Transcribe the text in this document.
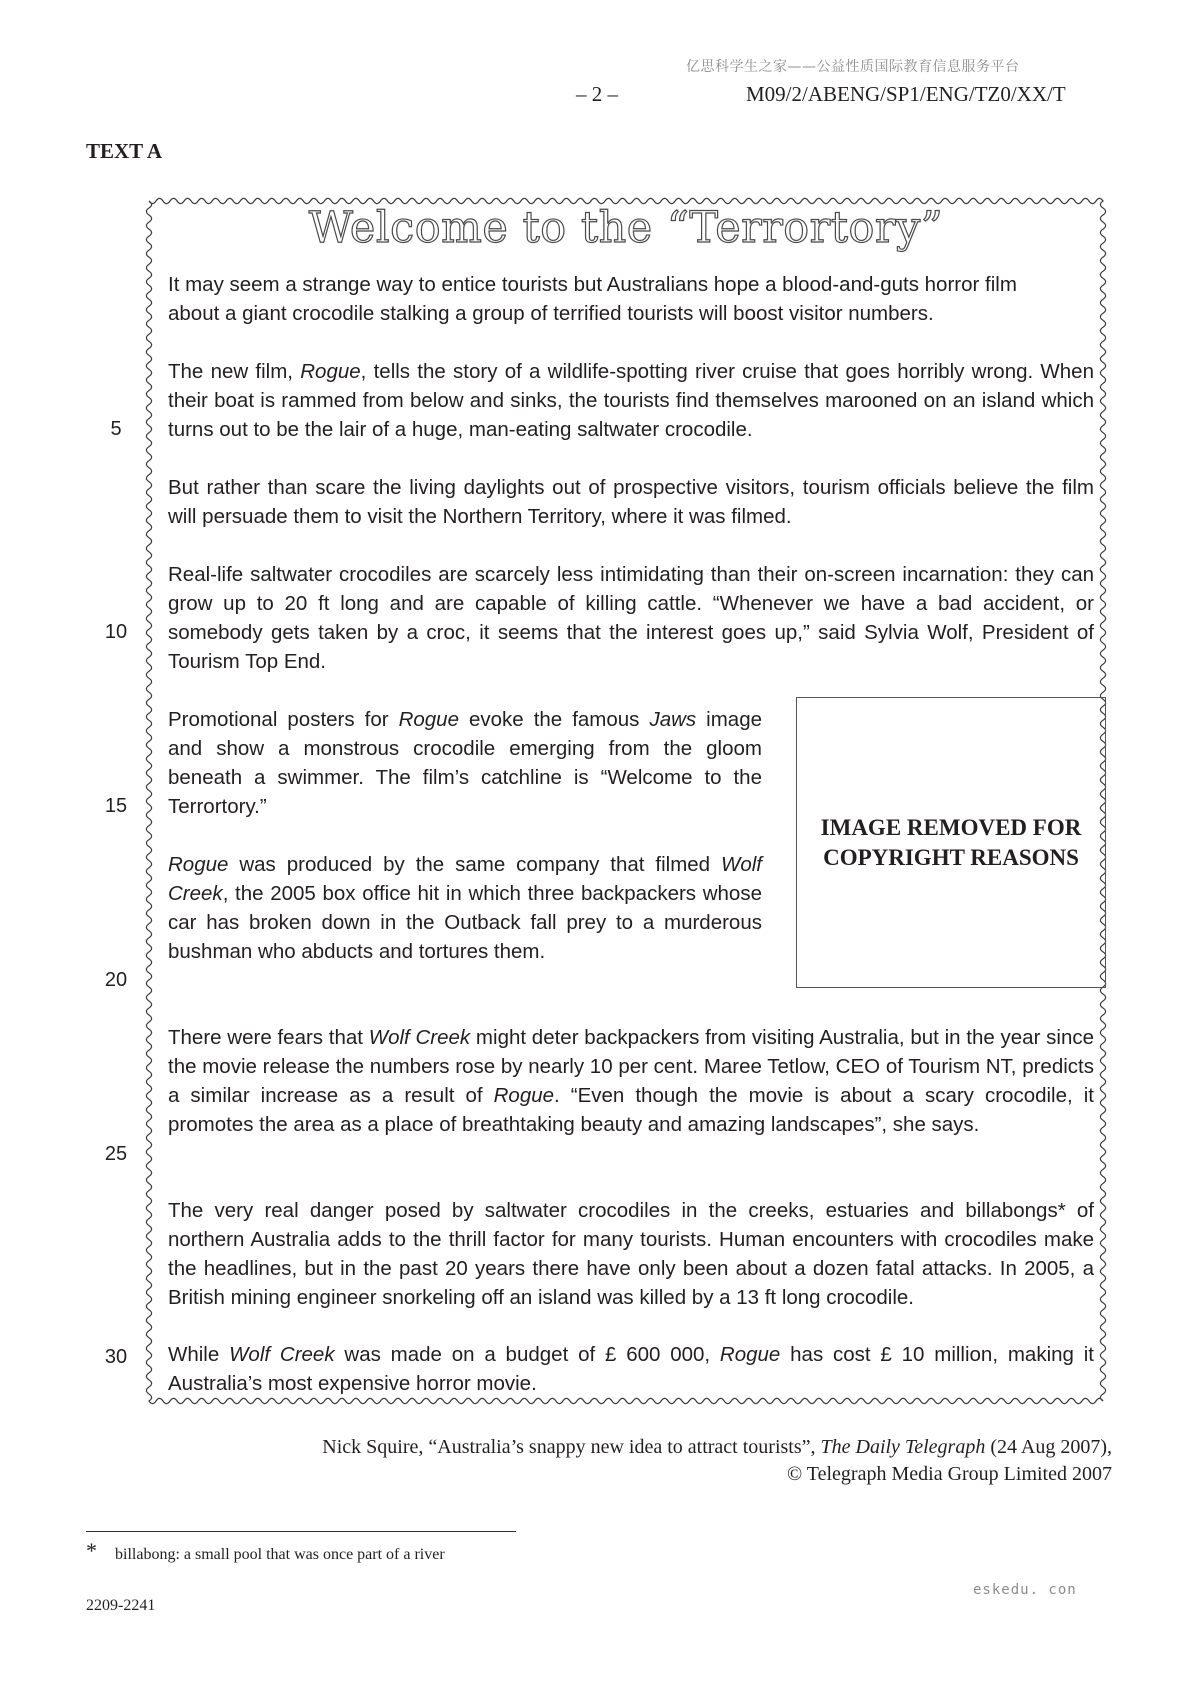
亿思科学生之家——公益性质国际教育信息服务平台
– 2 –	M09/2/ABENG/SP1/ENG/TZ0/XX/T
TEXT A
Welcome to the “Terrortory”
It may seem a strange way to entice tourists but Australians hope a blood-and-guts horror film
about a giant crocodile stalking a group of terrified tourists will boost visitor numbers.

The new film, Rogue, tells the story of a wildlife-spotting river cruise that goes horribly wrong. When their boat is rammed from below and sinks, the tourists find themselves marooned on an island which turns out to be the lair of a huge, man-eating saltwater crocodile.

But rather than scare the living daylights out of prospective visitors, tourism officials believe the film will persuade them to visit the Northern Territory, where it was filmed.

Real-life saltwater crocodiles are scarcely less intimidating than their on-screen incarnation: they can grow up to 20 ft long and are capable of killing cattle. “Whenever we have a bad accident, or somebody gets taken by a croc, it seems that the interest goes up,” said Sylvia Wolf, President of Tourism Top End.

Promotional posters for Rogue evoke the famous Jaws image and show a monstrous crocodile emerging from the gloom beneath a swimmer. The film’s catchline is “Welcome to the Terrortory.”

Rogue was produced by the same company that filmed Wolf Creek, the 2005 box office hit in which three backpackers whose car has broken down in the Outback fall prey to a murderous bushman who abducts and tortures them.

There were fears that Wolf Creek might deter backpackers from visiting Australia, but in the year since the movie release the numbers rose by nearly 10 per cent. Maree Tetlow, CEO of Tourism NT, predicts a similar increase as a result of Rogue. “Even though the movie is about a scary crocodile, it promotes the area as a place of breathtaking beauty and amazing landscapes”, she says.

The very real danger posed by saltwater crocodiles in the creeks, estuaries and billabongs* of northern Australia adds to the thrill factor for many tourists. Human encounters with crocodiles make the headlines, but in the past 20 years there have only been about a dozen fatal attacks. In 2005, a British mining engineer snorkeling off an island was killed by a 13 ft long crocodile.

While Wolf Creek was made on a budget of £ 600 000, Rogue has cost £ 10 million, making it Australia’s most expensive horror movie.

IMAGE REMOVED FOR
COPYRIGHT REASONS
5
10
15
20
25
30
Nick Squire, “Australia’s snappy new idea to attract tourists”, The Daily Telegraph (24 Aug 2007),
© Telegraph Media Group Limited 2007
* billabong: a small pool that was once part of a river
2209-2241
eskedu. con
